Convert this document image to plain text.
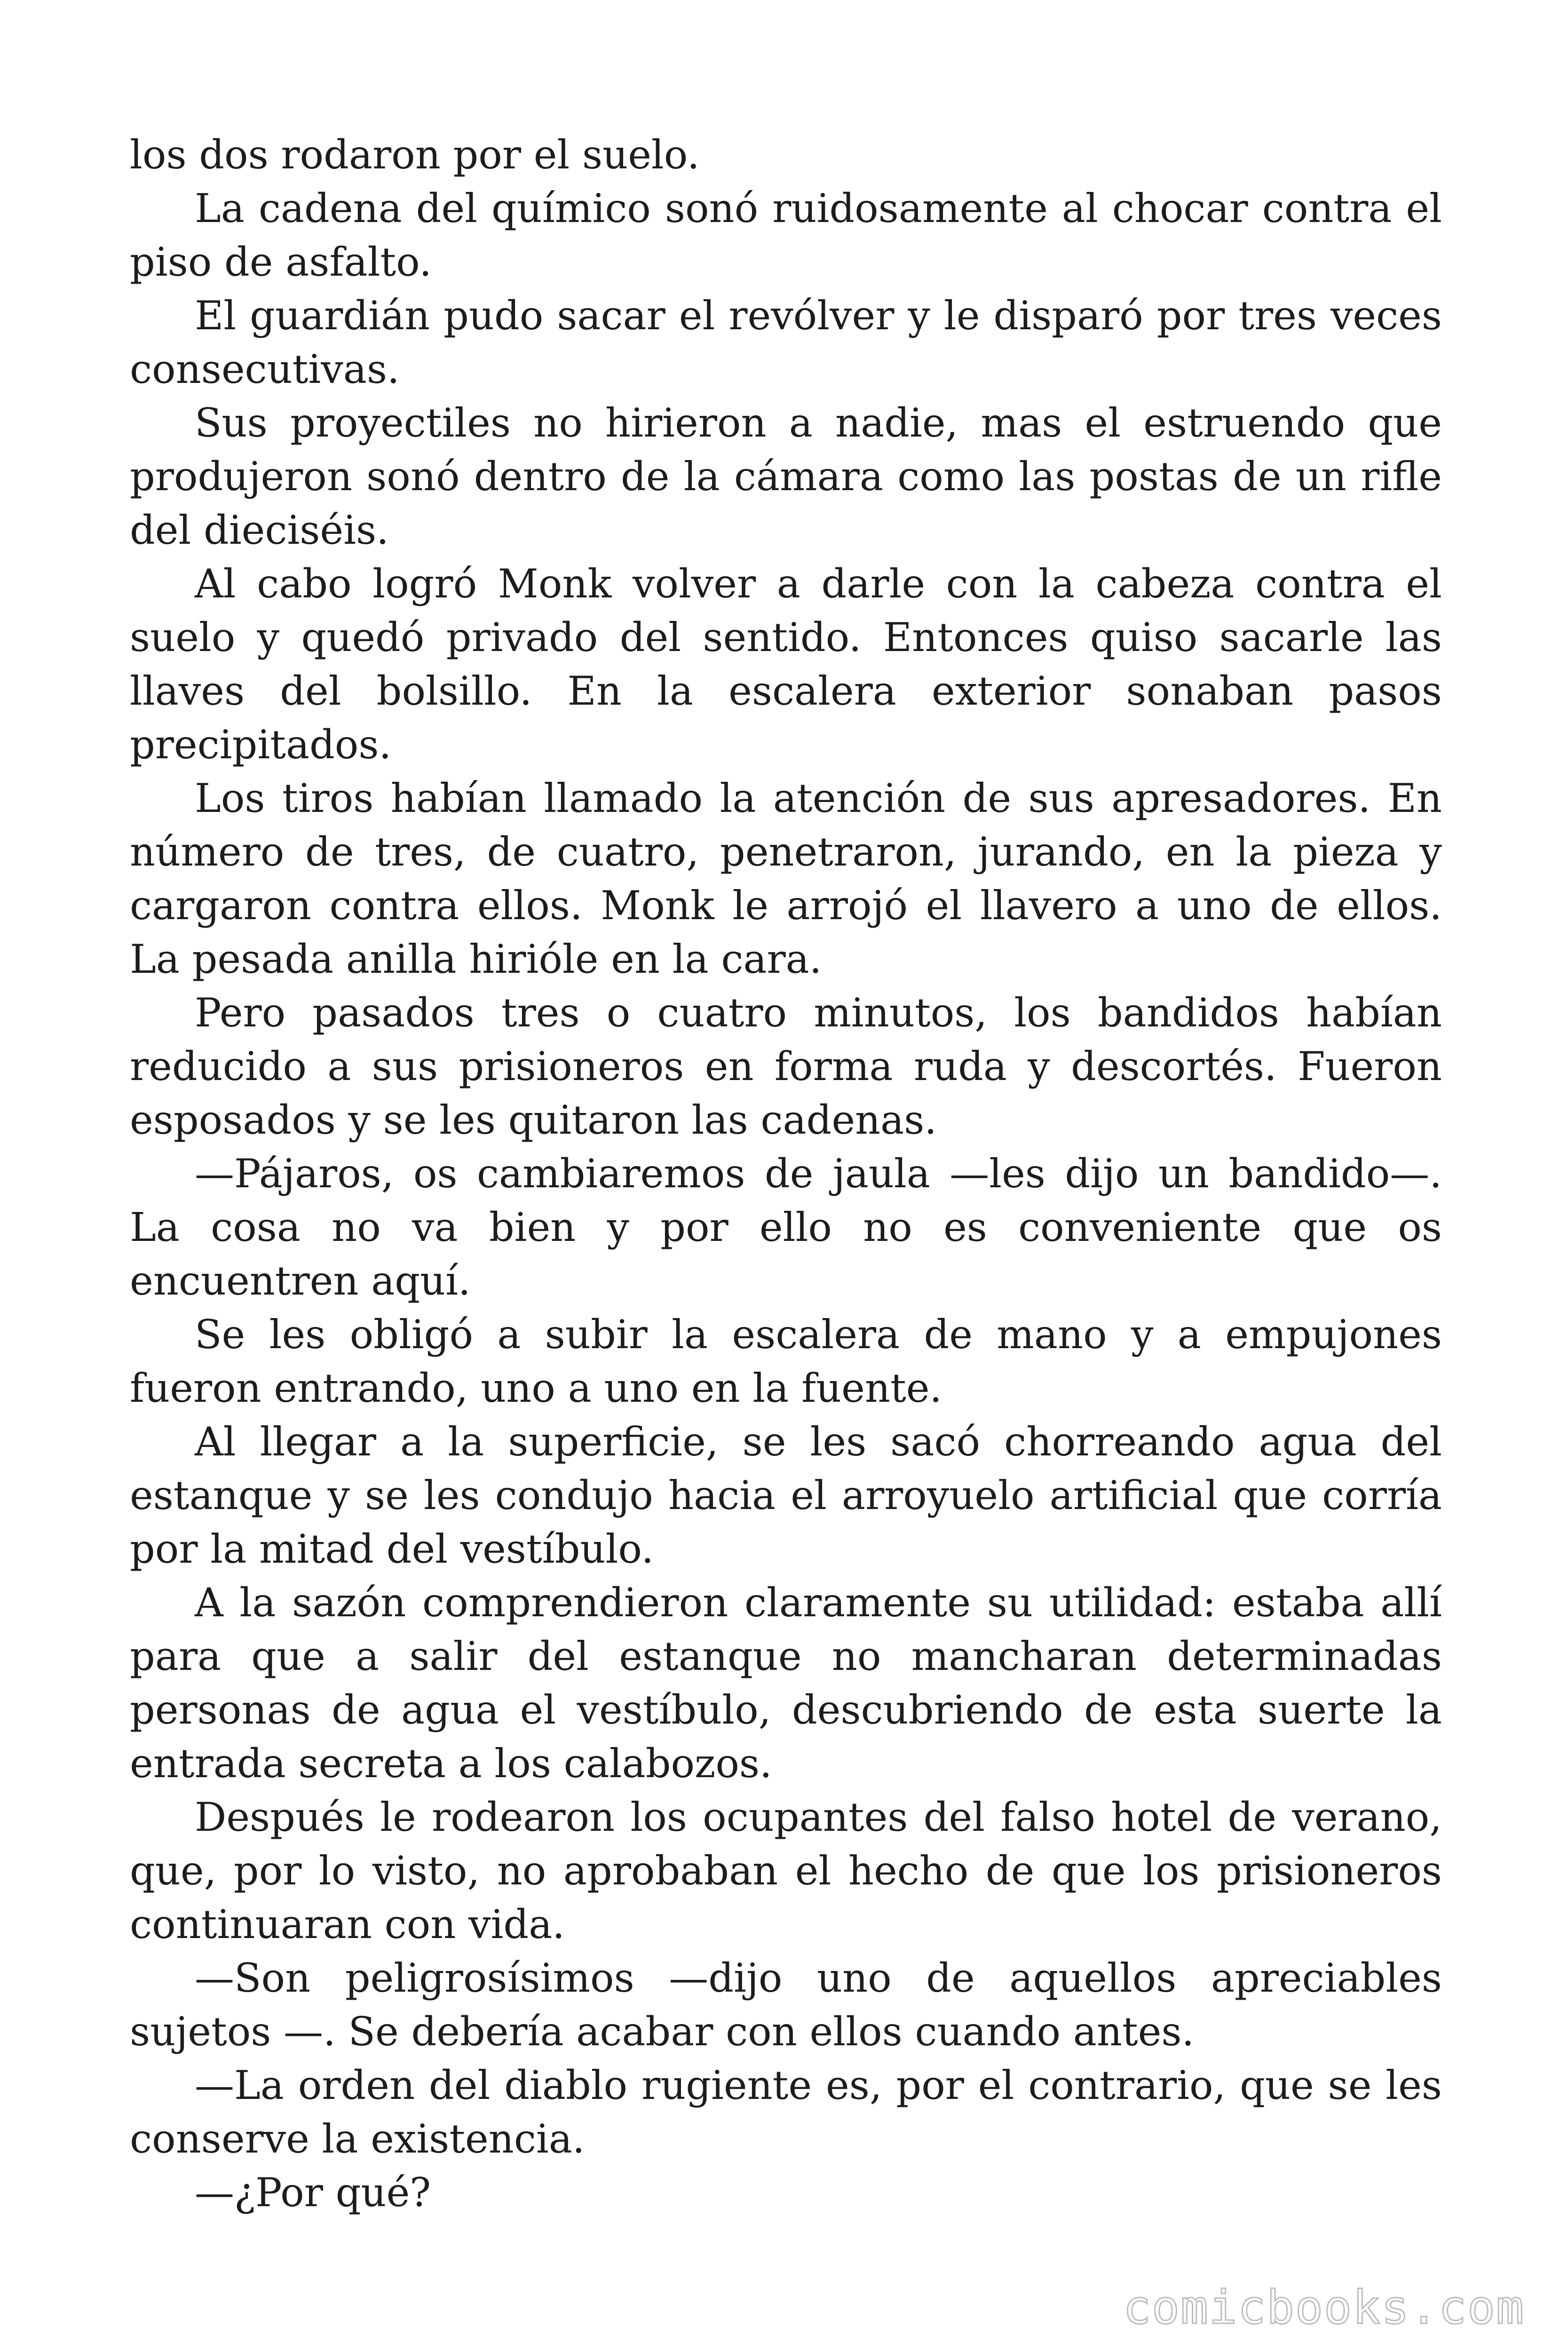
los dos rodaron por el suelo.

La cadena del químico sonó ruidosamente al chocar contra el piso de asfalto.

El guardián pudo sacar el revólver y le disparó por tres veces consecutivas.

Sus proyectiles no hirieron a nadie, mas el estruendo que produjeron sonó dentro de la cámara como las postas de un rifle del dieciséis.

Al cabo logró Monk volver a darle con la cabeza contra el suelo y quedó privado del sentido. Entonces quiso sacarle las llaves del bolsillo. En la escalera exterior sonaban pasos precipitados.

Los tiros habían llamado la atención de sus apresadores. En número de tres, de cuatro, penetraron, jurando, en la pieza y cargaron contra ellos. Monk le arrojó el llavero a uno de ellos. La pesada anilla hirióle en la cara.

Pero pasados tres o cuatro minutos, los bandidos habían reducido a sus prisioneros en forma ruda y descortés. Fueron esposados y se les quitaron las cadenas.

—Pájaros, os cambiaremos de jaula —les dijo un bandido—. La cosa no va bien y por ello no es conveniente que os encuentren aquí.

Se les obligó a subir la escalera de mano y a empujones fueron entrando, uno a uno en la fuente.

Al llegar a la superficie, se les sacó chorreando agua del estanque y se les condujo hacia el arroyuelo artificial que corría por la mitad del vestíbulo.

A la sazón comprendieron claramente su utilidad: estaba allí para que a salir del estanque no mancharan determinadas personas de agua el vestíbulo, descubriendo de esta suerte la entrada secreta a los calabozos.

Después le rodearon los ocupantes del falso hotel de verano, que, por lo visto, no aprobaban el hecho de que los prisioneros continuaran con vida.

—Son peligrosísimos —dijo uno de aquellos apreciables sujetos —. Se debería acabar con ellos cuando antes.

—La orden del diablo rugiente es, por el contrario, que se les conserve la existencia.

—¿Por qué?

comicbooks.com
